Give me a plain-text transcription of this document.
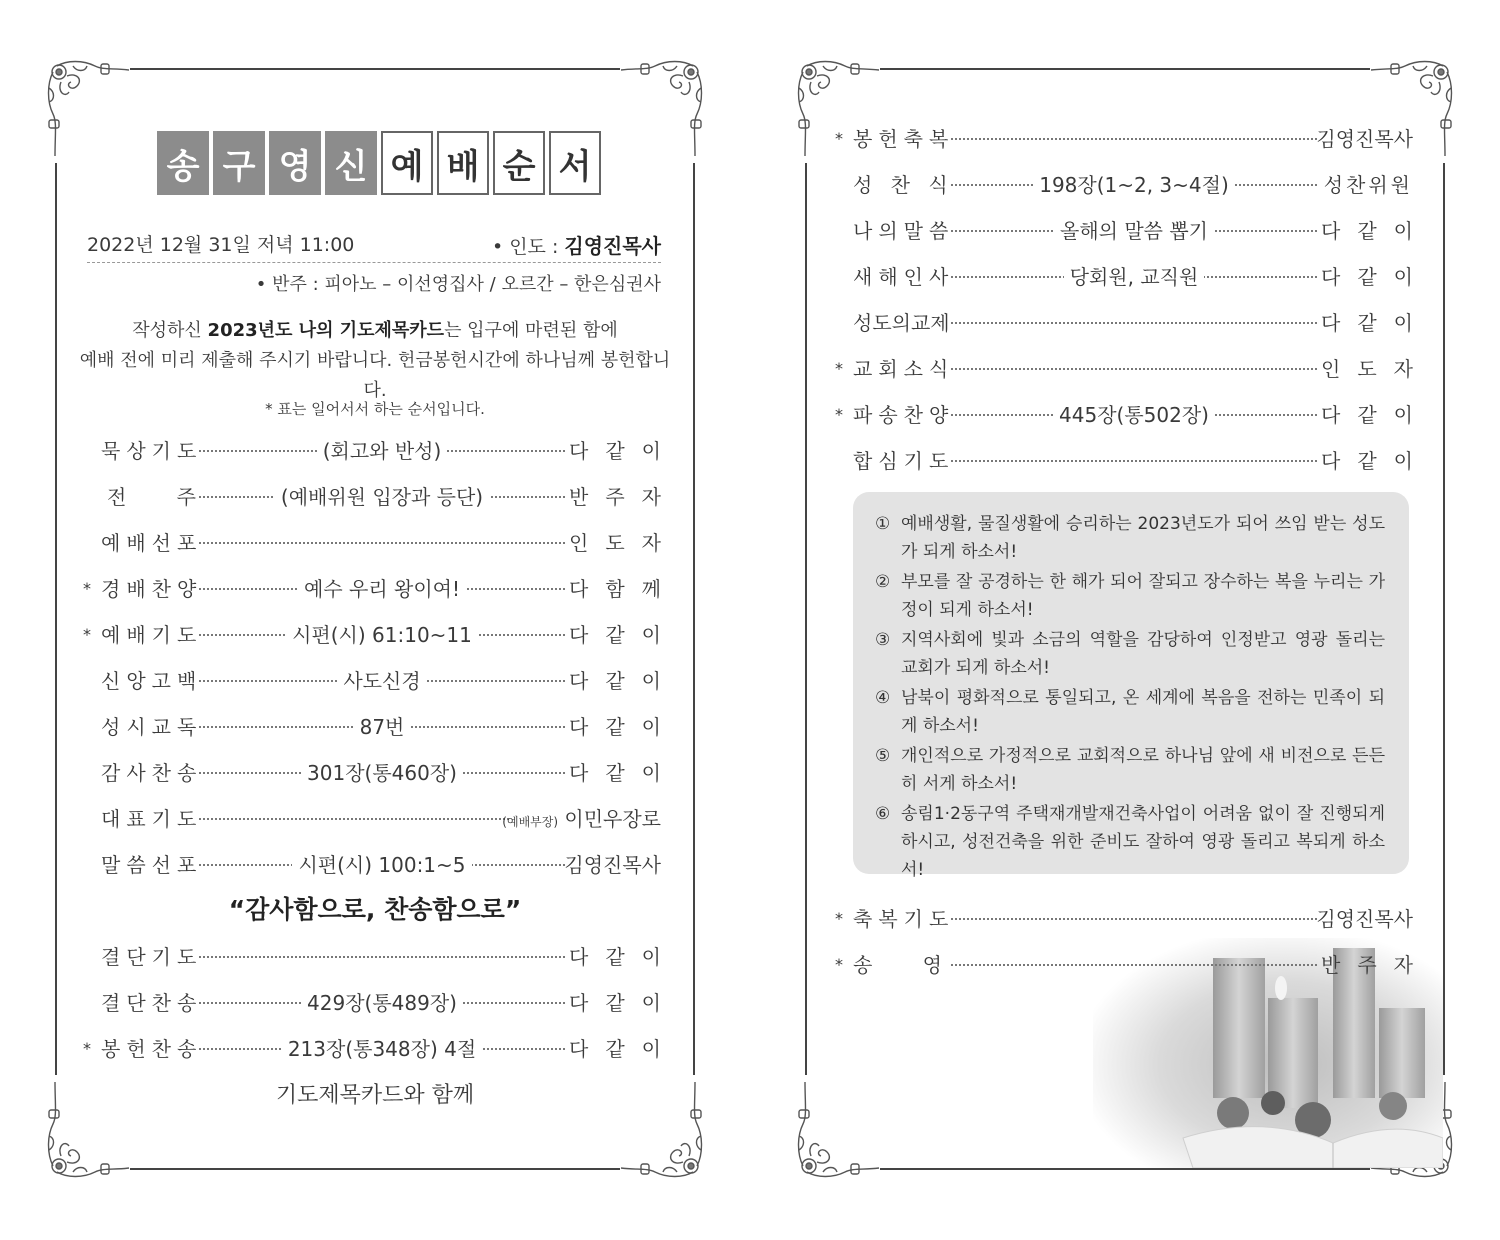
송 구 영 신 예 배 순 서
2022년 12월 31일 저녁 11:00	• 인도 : 김영진목사
• 반주 : 피아노 – 이선영집사 / 오르간 – 한은심권사
작성하신 2023년도 나의 기도제목카드는 입구에 마련된 함에
예배 전에 미리 제출해 주시기 바랍니다. 헌금봉헌시간에 하나님께 봉헌합니다.
* 표는 일어서서 하는 순서입니다.
묵상기도	(회고와 반성)	다 같 이
전 주	(예배위원 입장과 등단)	반 주 자
예배선포	인 도 자
* 경배찬양	예수 우리 왕이여!	다 함 께
* 예배기도	시편(시) 61:10~11	다 같 이
신앙고백	사도신경	다 같 이
성시교독	87번	다 같 이
감사찬송	301장(통460장)	다 같 이
대표기도	(예배부장) 이민우장로
말씀선포	시편(시) 100:1~5	김영진목사
결단기도	다 같 이
결단찬송	429장(통489장)	다 같 이
* 봉헌찬송	213장(통348장) 4절	다 같 이
“감사함으로, 찬송함으로”
기도제목카드와 함께
* 봉헌축복	김영진목사
성 찬 식	198장(1~2, 3~4절)	성찬위원
나의말씀	올해의 말씀 뽑기	다 같 이
새해인사	당회원, 교직원	다 같 이
성도의교제	다 같 이
* 교회소식	인 도 자
* 파송찬양	445장(통502장)	다 같 이
합심기도	다 같 이
* 축복기도	김영진목사
* 송 영	반 주 자
① 예배생활, 물질생활에 승리하는 2023년도가 되어 쓰임 받는 성도가 되게 하소서!
② 부모를 잘 공경하는 한 해가 되어 잘되고 장수하는 복을 누리는 가정이 되게 하소서!
③ 지역사회에 빛과 소금의 역할을 감당하여 인정받고 영광 돌리는 교회가 되게 하소서!
④ 남북이 평화적으로 통일되고, 온 세계에 복음을 전하는 민족이 되게 하소서!
⑤ 개인적으로 가정적으로 교회적으로 하나님 앞에 새 비전으로 든든히 서게 하소서!
⑥ 송림1·2동구역 주택재개발재건축사업이 어려움 없이 잘 진행되게 하시고, 성전건축을 위한 준비도 잘하여 영광 돌리고 복되게 하소서!
